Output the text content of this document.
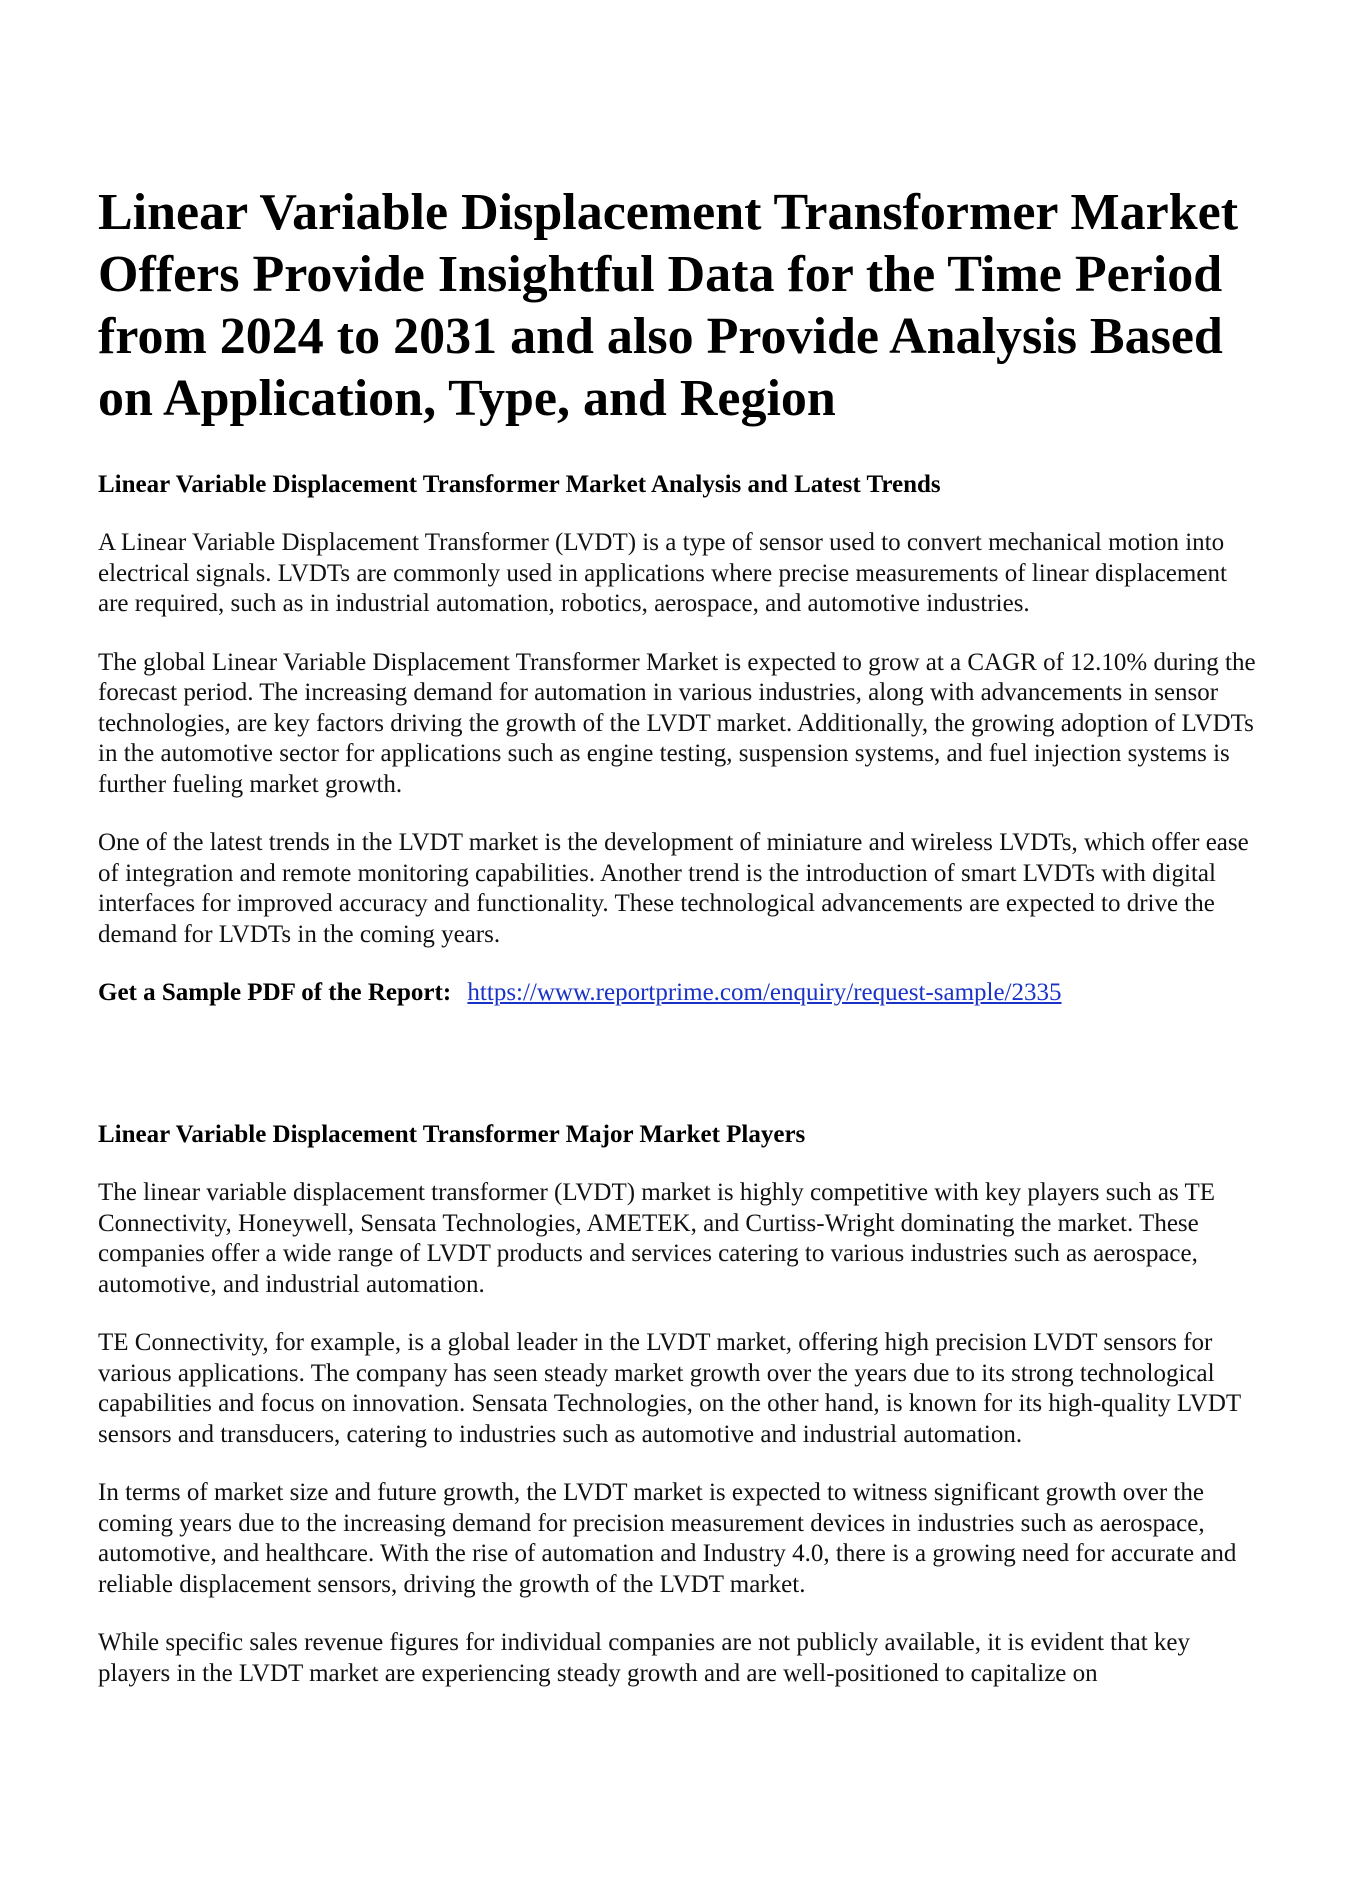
Linear Variable Displacement Transformer Market Offers Provide Insightful Data for the Time Period from 2024 to 2031 and also Provide Analysis Based on Application, Type, and Region
Linear Variable Displacement Transformer Market Analysis and Latest Trends

A Linear Variable Displacement Transformer (LVDT) is a type of sensor used to convert mechanical motion into electrical signals. LVDTs are commonly used in applications where precise measurements of linear displacement are required, such as in industrial automation, robotics, aerospace, and automotive industries.

The global Linear Variable Displacement Transformer Market is expected to grow at a CAGR of 12.10% during the forecast period. The increasing demand for automation in various industries, along with advancements in sensor technologies, are key factors driving the growth of the LVDT market. Additionally, the growing adoption of LVDTs in the automotive sector for applications such as engine testing, suspension systems, and fuel injection systems is further fueling market growth.

One of the latest trends in the LVDT market is the development of miniature and wireless LVDTs, which offer ease of integration and remote monitoring capabilities. Another trend is the introduction of smart LVDTs with digital interfaces for improved accuracy and functionality. These technological advancements are expected to drive the demand for LVDTs in the coming years.

Get a Sample PDF of the Report: https://www.reportprime.com/enquiry/request-sample/2335
Linear Variable Displacement Transformer Major Market Players

The linear variable displacement transformer (LVDT) market is highly competitive with key players such as TE Connectivity, Honeywell, Sensata Technologies, AMETEK, and Curtiss-Wright dominating the market. These companies offer a wide range of LVDT products and services catering to various industries such as aerospace, automotive, and industrial automation.

TE Connectivity, for example, is a global leader in the LVDT market, offering high precision LVDT sensors for various applications. The company has seen steady market growth over the years due to its strong technological capabilities and focus on innovation. Sensata Technologies, on the other hand, is known for its high-quality LVDT sensors and transducers, catering to industries such as automotive and industrial automation.

In terms of market size and future growth, the LVDT market is expected to witness significant growth over the coming years due to the increasing demand for precision measurement devices in industries such as aerospace, automotive, and healthcare. With the rise of automation and Industry 4.0, there is a growing need for accurate and reliable displacement sensors, driving the growth of the LVDT market.

While specific sales revenue figures for individual companies are not publicly available, it is evident that key players in the LVDT market are experiencing steady growth and are well-positioned to capitalize on
